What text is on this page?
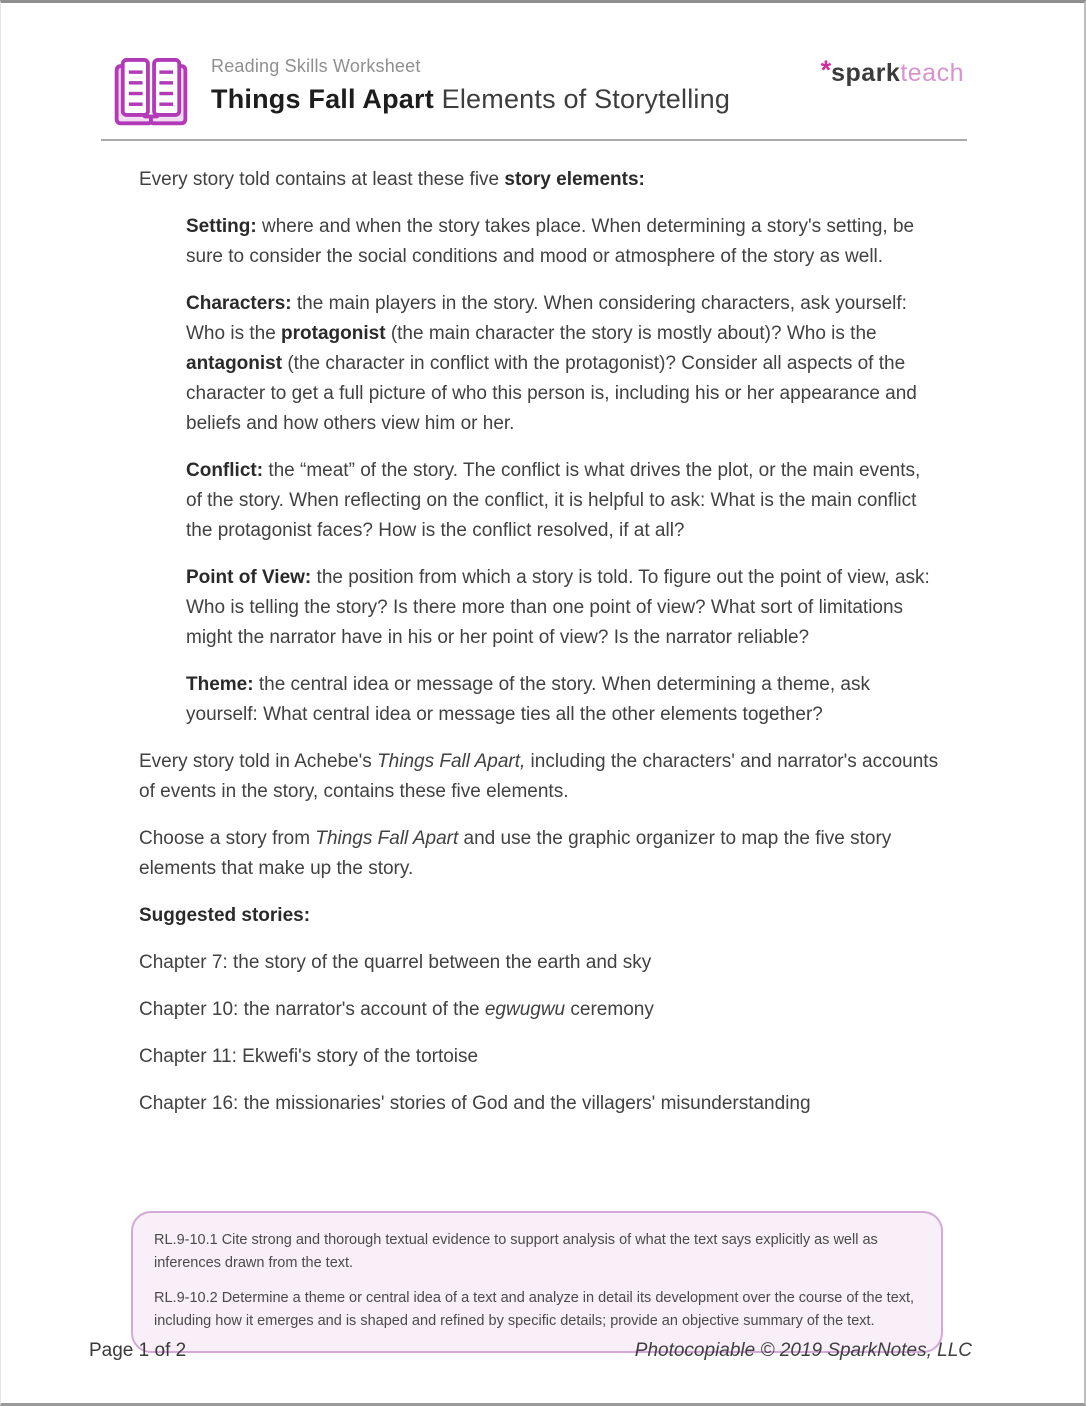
Reading Skills Worksheet
Things Fall Apart Elements of Storytelling
*sparkteach

Every story told contains at least these five story elements:

Setting: where and when the story takes place. When determining a story's setting, be sure to consider the social conditions and mood or atmosphere of the story as well.

Characters: the main players in the story. When considering characters, ask yourself: Who is the protagonist (the main character the story is mostly about)? Who is the antagonist (the character in conflict with the protagonist)? Consider all aspects of the character to get a full picture of who this person is, including his or her appearance and beliefs and how others view him or her.

Conflict: the “meat” of the story. The conflict is what drives the plot, or the main events, of the story. When reflecting on the conflict, it is helpful to ask: What is the main conflict the protagonist faces? How is the conflict resolved, if at all?

Point of View: the position from which a story is told. To figure out the point of view, ask: Who is telling the story? Is there more than one point of view? What sort of limitations might the narrator have in his or her point of view? Is the narrator reliable?

Theme: the central idea or message of the story. When determining a theme, ask yourself: What central idea or message ties all the other elements together?

Every story told in Achebe's Things Fall Apart, including the characters' and narrator's accounts of events in the story, contains these five elements.

Choose a story from Things Fall Apart and use the graphic organizer to map the five story elements that make up the story.

Suggested stories:

Chapter 7: the story of the quarrel between the earth and sky

Chapter 10: the narrator's account of the egwugwu ceremony

Chapter 11: Ekwefi's story of the tortoise

Chapter 16: the missionaries' stories of God and the villagers' misunderstanding

RL.9-10.1 Cite strong and thorough textual evidence to support analysis of what the text says explicitly as well as inferences drawn from the text.

RL.9-10.2 Determine a theme or central idea of a text and analyze in detail its development over the course of the text, including how it emerges and is shaped and refined by specific details; provide an objective summary of the text.

Page 1 of 2	Photocopiable © 2019 SparkNotes, LLC
